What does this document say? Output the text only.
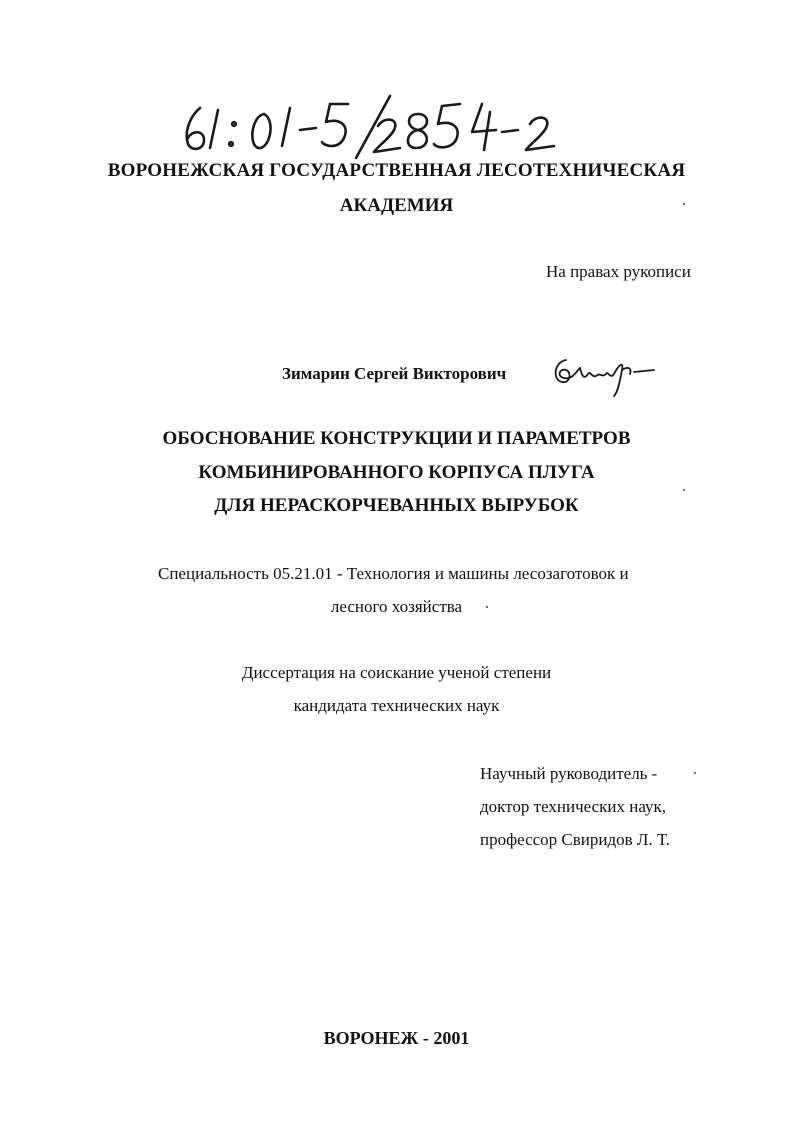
ВОРОНЕЖСКАЯ ГОСУДАРСТВЕННАЯ ЛЕСОТЕХНИЧЕСКАЯ
АКАДЕМИЯ
На правах рукописи
Зимарин Сергей Викторович
ОБОСНОВАНИЕ КОНСТРУКЦИИ И ПАРАМЕТРОВ
КОМБИНИРОВАННОГО КОРПУСА ПЛУГА
ДЛЯ НЕРАСКОРЧЕВАННЫХ ВЫРУБОК
Специальность 05.21.01 - Технология и машины лесозаготовок и
лесного хозяйства
Диссертация на соискание ученой степени
кандидата технических наук
Научный руководитель -
доктор технических наук,
профессор Свиридов Л. Т.
ВОРОНЕЖ - 2001
